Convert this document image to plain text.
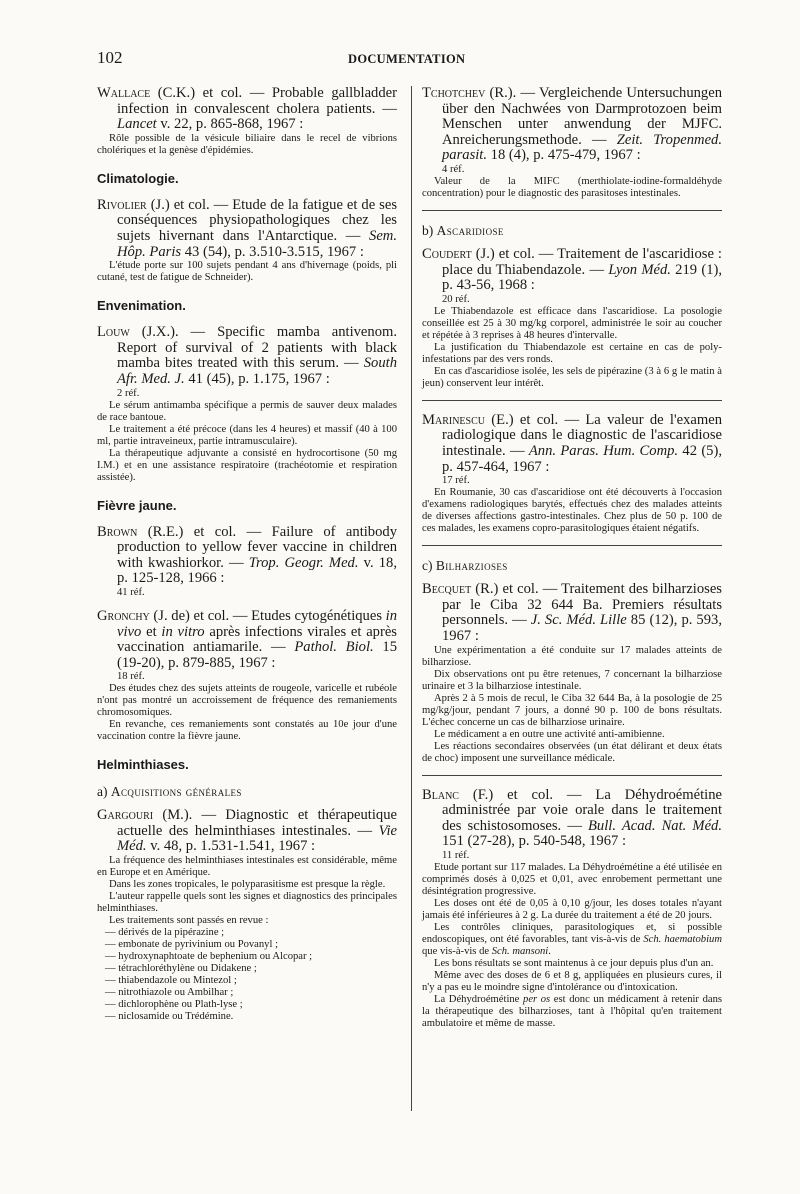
102	DOCUMENTATION

Wallace (C.K.) et col. — Probable gallbladder infection in convalescent cholera patients. — Lancet v. 22, p. 865-868, 1967 :

Rôle possible de la vésicule biliaire dans le recel de vibrions cholériques et la genèse d'épidémies.

Climatologie.

Rivolier (J.) et col. — Etude de la fatigue et de ses conséquences physiopathologiques chez les sujets hivernant dans l'Antarctique. — Sem. Hôp. Paris 43 (54), p. 3.510-3.515, 1967 :

L'étude porte sur 100 sujets pendant 4 ans d'hivernage (poids, pli cutané, test de fatigue de Schneider).

Envenimation.

Louw (J.X.). — Specific mamba antivenom. Report of survival of 2 patients with black mamba bites treated with this serum. — South Afr. Med. J. 41 (45), p. 1.175, 1967 :

2 réf.

Le sérum antimamba spécifique a permis de sauver deux malades de race bantoue.

Le traitement a été précoce (dans les 4 heures) et massif (40 à 100 ml, partie intraveineux, partie intramusculaire).

La thérapeutique adjuvante a consisté en hydrocortisone (50 mg I.M.) et en une assistance respiratoire (trachéotomie et respiration assistée).

Fièvre jaune.

Brown (R.E.) et col. — Failure of antibody production to yellow fever vaccine in children with kwashiorkor. — Trop. Geogr. Med. v. 18, p. 125-128, 1966 :

41 réf.

Gronchy (J. de) et col. — Etudes cytogénétiques in vivo et in vitro après infections virales et après vaccination antiamarile. — Pathol. Biol. 15 (19-20), p. 879-885, 1967 :

18 réf.

Des études chez des sujets atteints de rougeole, varicelle et rubéole n'ont pas montré un accroissement de fréquence des remaniements chromosomiques.

En revanche, ces remaniements sont constatés au 10e jour d'une vaccination contre la fièvre jaune.

Helminthiases.
a) Acquisitions générales

Gargouri (M.). — Diagnostic et thérapeutique actuelle des helminthiases intestinales. — Vie Méd. v. 48, p. 1.531-1.541, 1967 :

La fréquence des helminthiases intestinales est considérable, même en Europe et en Amérique.

Dans les zones tropicales, le polyparasitisme est presque la règle.

L'auteur rappelle quels sont les signes et diagnostics des principales helminthiases.

Les traitements sont passés en revue :

— dérivés de la pipérazine ;
— embonate de pyrivinium ou Povanyl ;
— hydroxynaphtoate de bephenium ou Alcopar ;
— tétrachloréthylène ou Didakene ;
— thiabendazole ou Mintezol ;
— nitrothiazole ou Ambilhar ;
— dichlorophène ou Plath-lyse ;
— niclosamide ou Trédémine.

Tchotchev (R.). — Vergleichende Untersuchungen über den Nachwées von Darmprotozoen beim Menschen unter anwendung der MJFC. Anreicherungsmethode. — Zeit. Tropenmed. parasit. 18 (4), p. 475-479, 1967 :

4 réf.

Valeur de la MIFC (merthiolate-iodine-formaldéhyde concentration) pour le diagnostic des parasitoses intestinales.

b) Ascaridiose

Coudert (J.) et col. — Traitement de l'ascaridiose : place du Thiabendazole. — Lyon Méd. 219 (1), p. 43-56, 1968 :

20 réf.

Le Thiabendazole est efficace dans l'ascaridiose. La posologie conseillée est 25 à 30 mg/kg corporel, administrée le soir au coucher et répétée à 3 reprises à 48 heures d'intervalle.

La justification du Thiabendazole est certaine en cas de poly-infestations par des vers ronds.

En cas d'ascaridiose isolée, les sels de pipérazine (3 à 6 g le matin à jeun) conservent leur intérêt.

Marinescu (E.) et col. — La valeur de l'examen radiologique dans le diagnostic de l'ascaridiose intestinale. — Ann. Paras. Hum. Comp. 42 (5), p. 457-464, 1967 :

17 réf.

En Roumanie, 30 cas d'ascaridiose ont été découverts à l'occasion d'examens radiologiques barytés, effectués chez des malades atteints de diverses affections gastro-intestinales. Chez plus de 50 p. 100 de ces malades, les examens copro-parasitologiques étaient négatifs.

c) Bilharzioses

Becquet (R.) et col. — Traitement des bilharzioses par le Ciba 32 644 Ba. Premiers résultats personnels. — J. Sc. Méd. Lille 85 (12), p. 593, 1967 :

Une expérimentation a été conduite sur 17 malades atteints de bilharziose.

Dix observations ont pu être retenues, 7 concernant la bilharziose urinaire et 3 la bilharziose intestinale.

Après 2 à 5 mois de recul, le Ciba 32 644 Ba, à la posologie de 25 mg/kg/jour, pendant 7 jours, a donné 90 p. 100 de bons résultats. L'échec concerne un cas de bilharziose urinaire.

Le médicament a en outre une activité anti-amibienne.

Les réactions secondaires observées (un état délirant et deux états de choc) imposent une surveillance médicale.

Blanc (F.) et col. — La Déhydroémétine administrée par voie orale dans le traitement des schistosomoses. — Bull. Acad. Nat. Méd. 151 (27-28), p. 540-548, 1967 :

11 réf.

Etude portant sur 117 malades. La Déhydroémétine a été utilisée en comprimés dosés à 0,025 et 0,01, avec enrobement permettant une désintégration progressive.

Les doses ont été de 0,05 à 0,10 g/jour, les doses totales n'ayant jamais été inférieures à 2 g. La durée du traitement a été de 20 jours.

Les contrôles cliniques, parasitologiques et, si possible endoscopiques, ont été favorables, tant vis-à-vis de Sch. haematobium que vis-à-vis de Sch. mansoni.

Les bons résultats se sont maintenus à ce jour depuis plus d'un an.

Même avec des doses de 6 et 8 g, appliquées en plusieurs cures, il n'y a pas eu le moindre signe d'intolérance ou d'intoxication.

La Déhydroémétine per os est donc un médicament à retenir dans la thérapeutique des bilharzioses, tant à l'hôpital qu'en traitement ambulatoire et même de masse.
